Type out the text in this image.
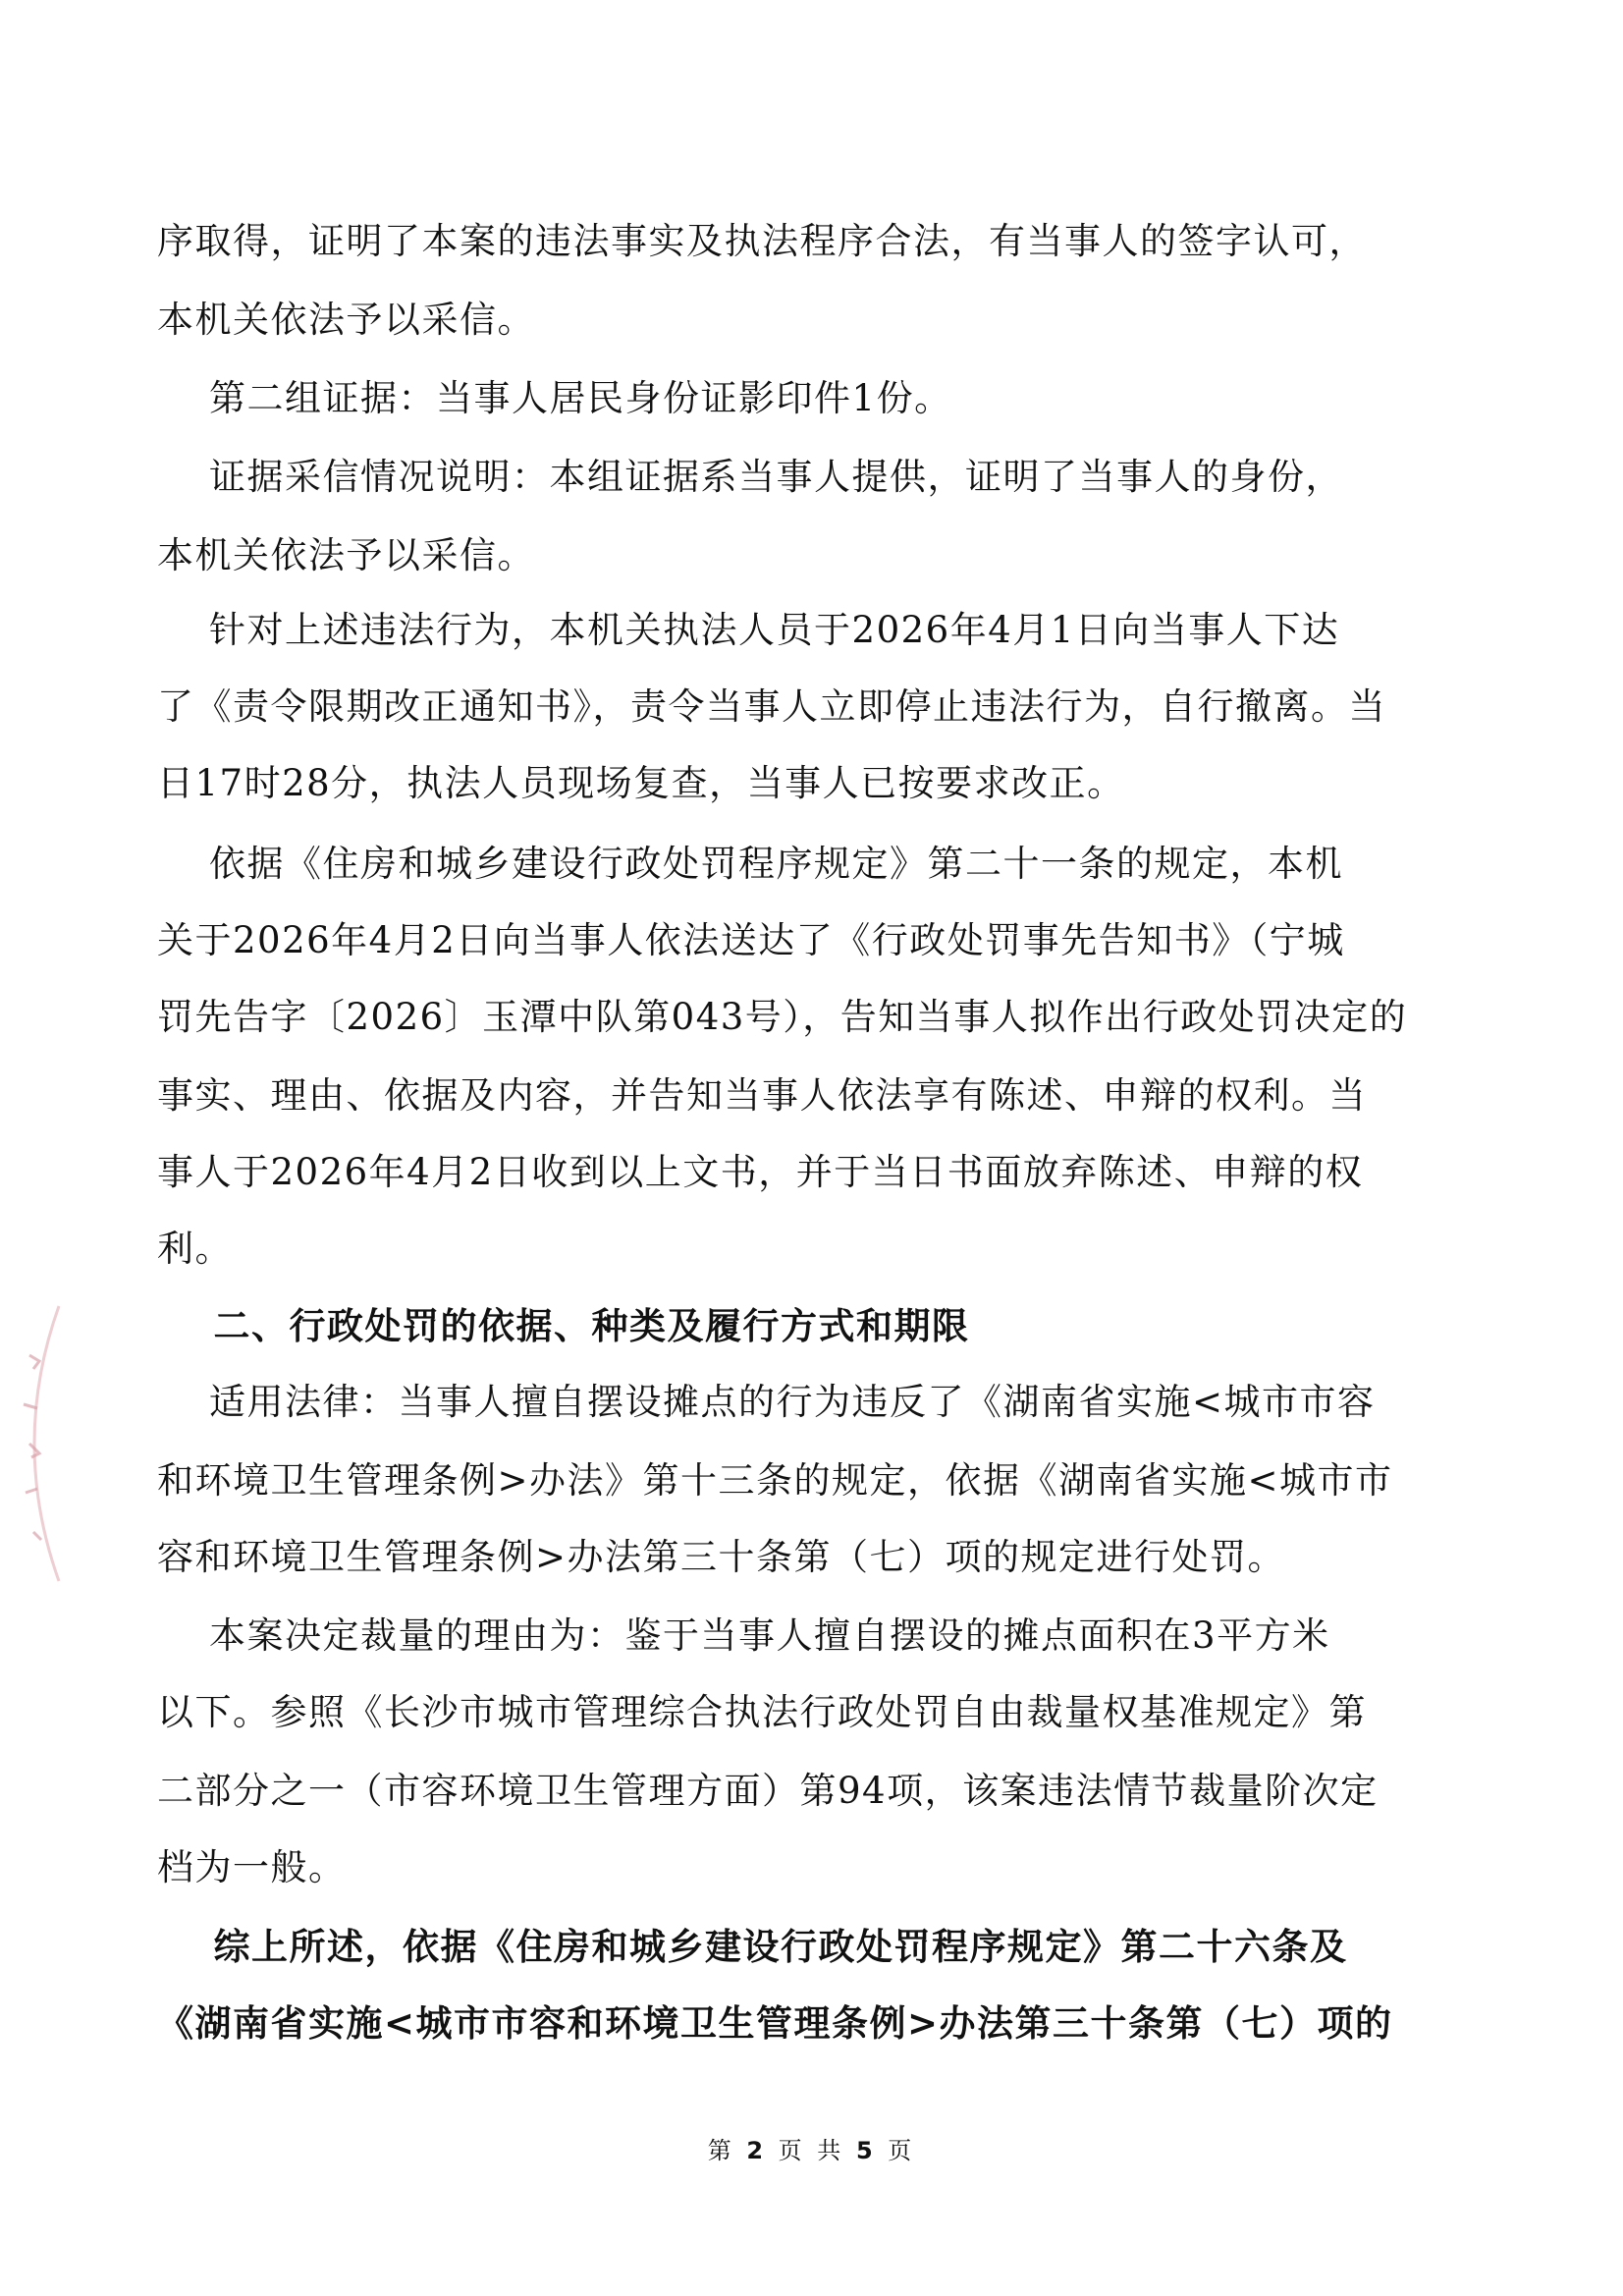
序取得，证明了本案的违法事实及执法程序合法，有当事人的签字认可，
本机关依法予以采信。
第二组证据：当事人居民身份证影印件1份。
证据采信情况说明：本组证据系当事人提供，证明了当事人的身份，
本机关依法予以采信。
针对上述违法行为，本机关执法人员于2026年4月1日向当事人下达
了《责令限期改正通知书》，责令当事人立即停止违法行为，自行撤离。当
日17时28分，执法人员现场复查，当事人已按要求改正。
依据《住房和城乡建设行政处罚程序规定》第二十一条的规定，本机
关于2026年4月2日向当事人依法送达了《行政处罚事先告知书》（宁城
罚先告字〔2026〕玉潭中队第043号），告知当事人拟作出行政处罚决定的
事实、理由、依据及内容，并告知当事人依法享有陈述、申辩的权利。当
事人于2026年4月2日收到以上文书，并于当日书面放弃陈述、申辩的权
利。
二、行政处罚的依据、种类及履行方式和期限
适用法律：当事人擅自摆设摊点的行为违反了《湖南省实施<城市市容
和环境卫生管理条例>办法》第十三条的规定，依据《湖南省实施<城市市
容和环境卫生管理条例>办法第三十条第（七）项的规定进行处罚。
本案决定裁量的理由为：鉴于当事人擅自摆设的摊点面积在3平方米
以下。参照《长沙市城市管理综合执法行政处罚自由裁量权基准规定》第
二部分之一（市容环境卫生管理方面）第94项，该案违法情节裁量阶次定
档为一般。
综上所述，依据《住房和城乡建设行政处罚程序规定》第二十六条及
《湖南省实施<城市市容和环境卫生管理条例>办法第三十条第（七）项的
第 2 页 共 5 页
